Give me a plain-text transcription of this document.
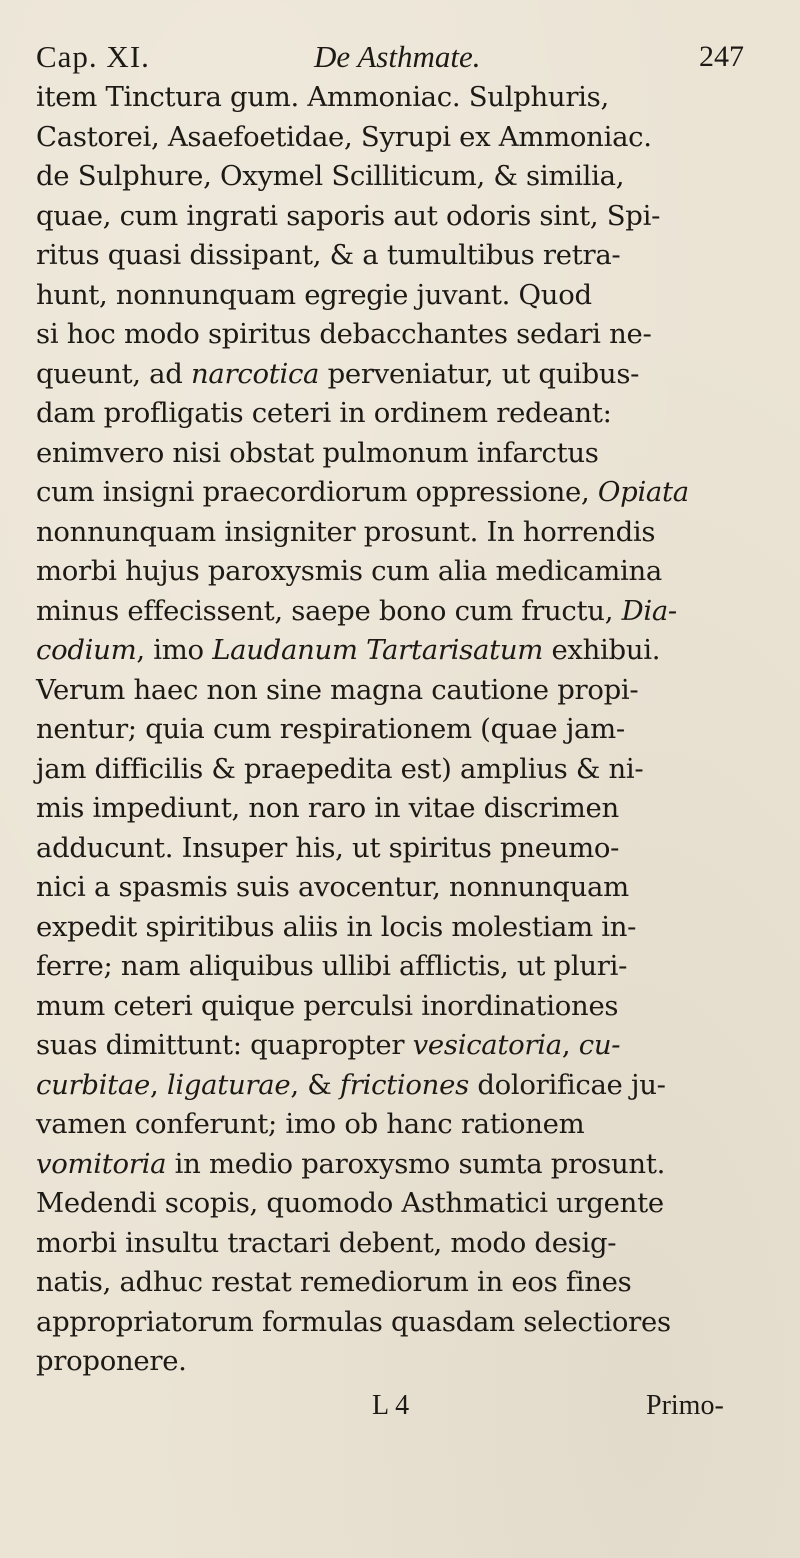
Cap. XI.	De Asthmate.	247
item Tinctura gum. Ammoniac. Sulphuris,
Castorei, Asaefoetidae, Syrupi ex Ammoniac.
de Sulphure, Oxymel Scilliticum, & similia,
quae, cum ingrati saporis aut odoris sint, Spi-
ritus quasi dissipant, & a tumultibus retra-
hunt, nonnunquam egregie juvant. Quod
si hoc modo spiritus debacchantes sedari ne-
queunt, ad narcotica perveniatur, ut quibus-
dam profligatis ceteri in ordinem redeant:
enimvero nisi obstat pulmonum infarctus
cum insigni praecordiorum oppressione, Opiata
nonnunquam insigniter prosunt. In horrendis
morbi hujus paroxysmis cum alia medicamina
minus effecissent, saepe bono cum fructu, Dia-
codium, imo Laudanum Tartarisatum exhibui.
Verum haec non sine magna cautione propi-
nentur; quia cum respirationem (quae jam-
jam difficilis & praepedita est) amplius & ni-
mis impediunt, non raro in vitae discrimen
adducunt. Insuper his, ut spiritus pneumo-
nici a spasmis suis avocentur, nonnunquam
expedit spiritibus aliis in locis molestiam in-
ferre; nam aliquibus ullibi afflictis, ut pluri-
mum ceteri quique perculsi inordinationes
suas dimittunt: quapropter vesicatoria, cu-
curbitae, ligaturae, & frictiones dolorificae ju-
vamen conferunt; imo ob hanc rationem
vomitoria in medio paroxysmo sumta prosunt.
Medendi scopis, quomodo Asthmatici urgente
morbi insultu tractari debent, modo desig-
natis, adhuc restat remediorum in eos fines
appropriatorum formulas quasdam selectiores
proponere.
L 4	Primo-
